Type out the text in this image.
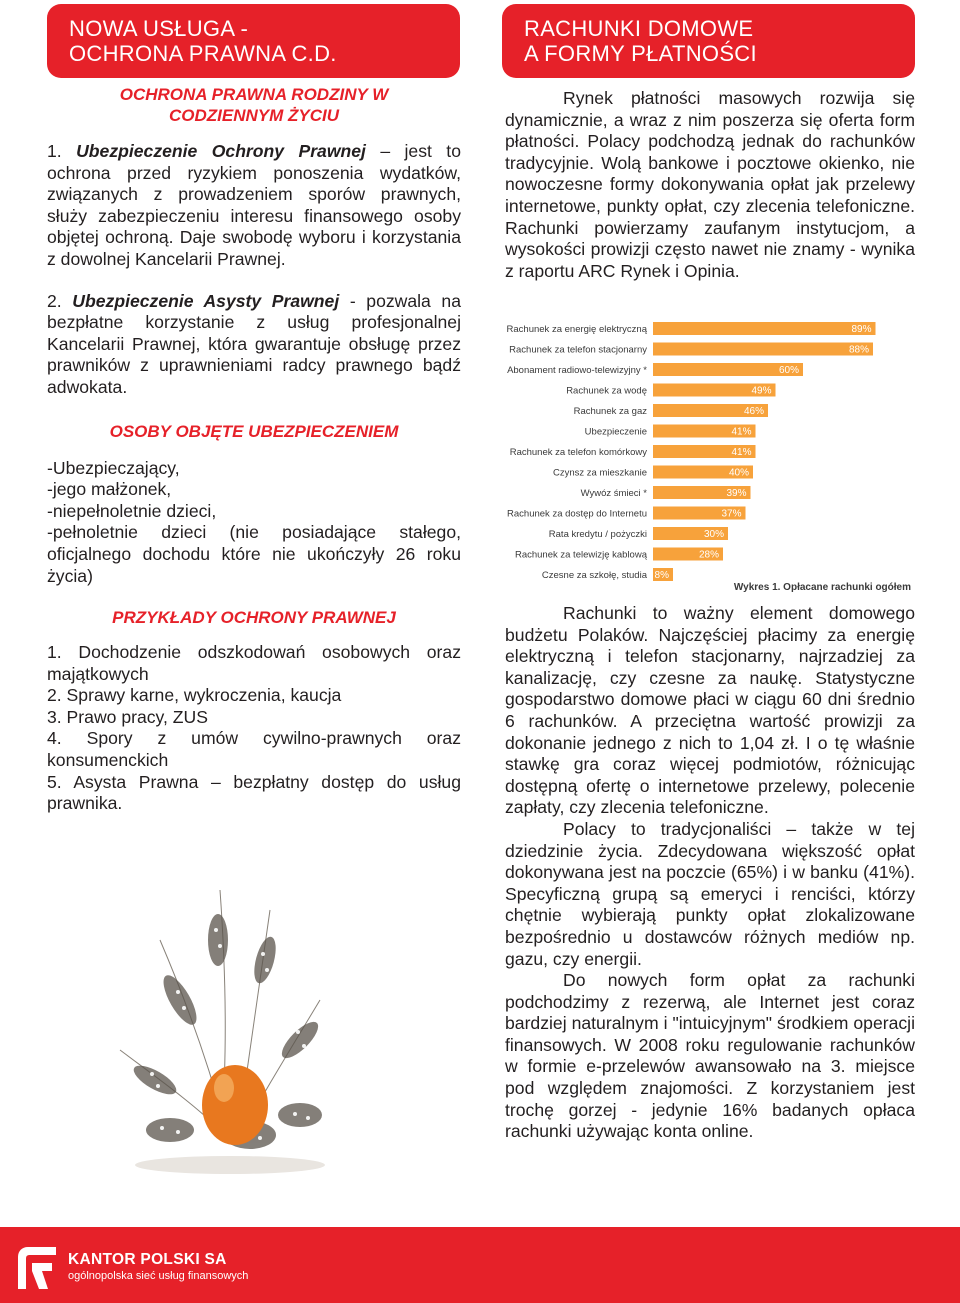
NOWA USŁUGA -
OCHRONA PRAWNA C.D.
RACHUNKI DOMOWE
A FORMY PŁATNOŚCI
OCHRONA PRAWNA RODZINY W
CODZIENNYM ŻYCIU

1. Ubezpieczenie Ochrony Prawnej – jest to ochrona przed ryzykiem ponoszenia wydatków, związanych z prowadzeniem sporów prawnych, służy zabezpieczeniu interesu finansowego osoby objętej ochroną. Daje swobodę wyboru i korzystania z dowolnej Kancelarii Prawnej.

2. Ubezpieczenie Asysty Prawnej - pozwala na bezpłatne korzystanie z usług profesjonalnej Kancelarii Prawnej, która gwarantuje obsługę przez prawników z uprawnieniami radcy prawnego bądź adwokata.

OSOBY OBJĘTE UBEZPIECZENIEM
-Ubezpieczający,
-jego małżonek,
-niepełnoletnie dzieci,
-pełnoletnie dzieci (nie posiadające stałego, oficjalnego dochodu które nie ukończyły 26 roku życia)
PRZYKŁADY OCHRONY PRAWNEJ
1. Dochodzenie odszkodowań osobowych oraz majątkowych
2. Sprawy karne, wykroczenia, kaucja
3. Prawo pracy, ZUS
4. Spory z umów cywilno-prawnych oraz konsumenckich
5. Asysta Prawna – bezpłatny dostęp do usług prawnika.

Rynek płatności masowych rozwija się dynamicznie, a wraz z nim poszerza się oferta form płatności. Polacy podchodzą jednak do rachunków tradycyjnie. Wolą bankowe i pocztowe okienko, nie nowoczesne formy dokonywania opłat jak przelewy internetowe, punkty opłat, czy zlecenia telefoniczne. Rachunki powierzamy zaufanym instytucjom, a wysokości prowizji często nawet nie znamy - wynika z raportu ARC Rynek i Opinia.

Rachunek za energię elektryczną
Rachunek za telefon stacjonarny
Abonament radiowo-telewizyjny *
Rachunek za wodę
Rachunek za gaz
Ubezpieczenie
Rachunek za telefon komórkowy
Czynsz za mieszkanie
Wywóz śmieci *
Rachunek za dostęp do Internetu
Rata kredytu / pożyczki
Rachunek za telewizję kablową
Czesne za szkołę, studia
89%
88%
60%
49%
46%
41%
41%
40%
39%
37%
30%
28%
8%
Wykres 1. Opłacane rachunki ogółem

Rachunki to ważny element domowego budżetu Polaków. Najczęściej płacimy za energię elektryczną i telefon stacjonarny, najrzadziej za kanalizację, czy czesne za naukę. Statystyczne gospodarstwo domowe płaci w ciągu 60 dni średnio 6 rachunków. A przeciętna wartość prowizji za dokonanie jednego z nich to 1,04 zł. I o tę właśnie stawkę gra coraz więcej podmiotów, różnicując dostępną ofertę o internetowe przelewy, polecenie zapłaty, czy zlecenia telefoniczne.

Polacy to tradycjonaliści – także w tej dziedzinie życia. Zdecydowana większość opłat dokonywana jest na poczcie (65%) i w banku (41%). Specyficzną grupą są emeryci i renciści, którzy chętnie wybierają punkty opłat zlokalizowane bezpośrednio u dostawców różnych mediów np. gazu, czy energii.

Do nowych form opłat za rachunki podchodzimy z rezerwą, ale Internet jest coraz bardziej naturalnym i "intuicyjnym" środkiem operacji finansowych. W 2008 roku regulowanie rachunków w formie e-przelewów awansowało na 3. miejsce pod względem znajomości. Z korzystaniem jest trochę gorzej - jedynie 16% badanych opłaca rachunki używając konta online.

KANTOR POLSKI SA
ogólnopolska sieć usług finansowych
